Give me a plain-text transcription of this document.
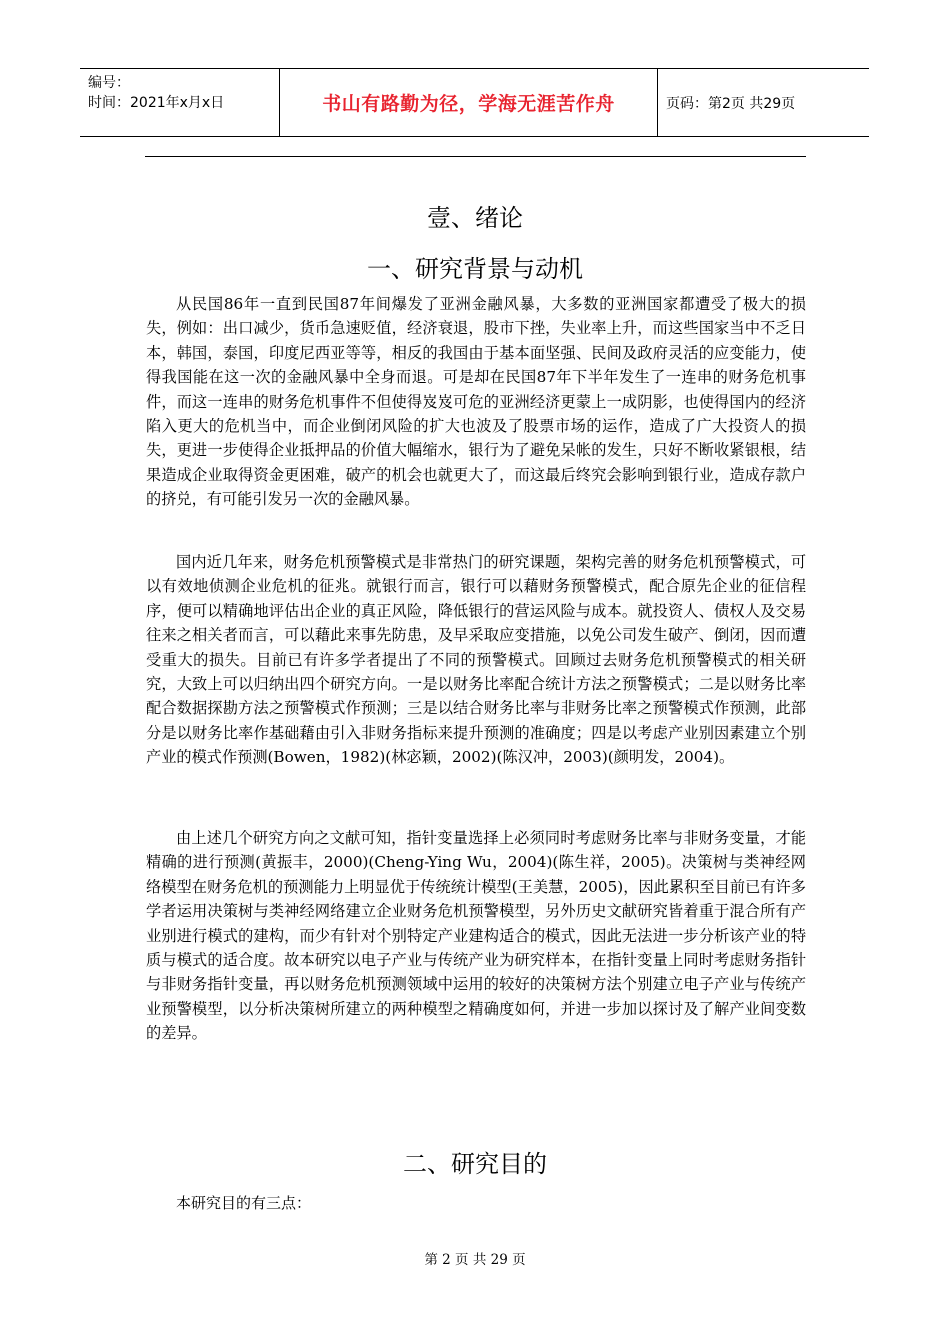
编号：
时间：2021年x月x日	书山有路勤为径，学海无涯苦作舟	页码：第2页 共29页
壹、绪论
一、研究背景与动机

从民国86年一直到民国87年间爆发了亚洲金融风暴，大多数的亚洲国家都遭受了极大的损失，例如：出口减少，货币急速贬值，经济衰退，股市下挫，失业率上升，而这些国家当中不乏日本，韩国，泰国，印度尼西亚等等，相反的我国由于基本面坚强、民间及政府灵活的应变能力，使得我国能在这一次的金融风暴中全身而退。可是却在民国87年下半年发生了一连串的财务危机事件，而这一连串的财务危机事件不但使得岌岌可危的亚洲经济更蒙上一成阴影，也使得国内的经济陷入更大的危机当中，而企业倒闭风险的扩大也波及了股票市场的运作，造成了广大投资人的损失，更进一步使得企业抵押品的价值大幅缩水，银行为了避免呆帐的发生，只好不断收紧银根，结果造成企业取得资金更困难，破产的机会也就更大了，而这最后终究会影响到银行业，造成存款户的挤兑，有可能引发另一次的金融风暴。

国内近几年来，财务危机预警模式是非常热门的研究课题，架构完善的财务危机预警模式，可以有效地侦测企业危机的征兆。就银行而言，银行可以藉财务预警模式，配合原先企业的征信程序，便可以精确地评估出企业的真正风险，降低银行的营运风险与成本。就投资人、债权人及交易往来之相关者而言，可以藉此来事先防患，及早采取应变措施，以免公司发生破产、倒闭，因而遭受重大的损失。目前已有许多学者提出了不同的预警模式。回顾过去财务危机预警模式的相关研究，大致上可以归纳出四个研究方向。一是以财务比率配合统计方法之预警模式；二是以财务比率配合数据探勘方法之预警模式作预测；三是以结合财务比率与非财务比率之预警模式作预测，此部分是以财务比率作基础藉由引入非财务指标来提升预测的准确度；四是以考虑产业别因素建立个别产业的模式作预测(Bowen，1982)(林宓颖，2002)(陈汉冲，2003)(颜明发，2004)。

由上述几个研究方向之文献可知，指针变量选择上必须同时考虑财务比率与非财务变量，才能精确的进行预测(黄振丰，2000)(Cheng-Ying Wu，2004)(陈生祥，2005)。决策树与类神经网络模型在财务危机的预测能力上明显优于传统统计模型(王美慧，2005)，因此累积至目前已有许多学者运用决策树与类神经网络建立企业财务危机预警模型，另外历史文献研究皆着重于混合所有产业别进行模式的建构，而少有针对个别特定产业建构适合的模式，因此无法进一步分析该产业的特质与模式的适合度。故本研究以电子产业与传统产业为研究样本，在指针变量上同时考虑财务指针与非财务指针变量，再以财务危机预测领域中运用的较好的决策树方法个别建立电子产业与传统产业预警模型，以分析决策树所建立的两种模型之精确度如何，并进一步加以探讨及了解产业间变数的差异。

二、研究目的
本研究目的有三点：
第 2 页 共 29 页
